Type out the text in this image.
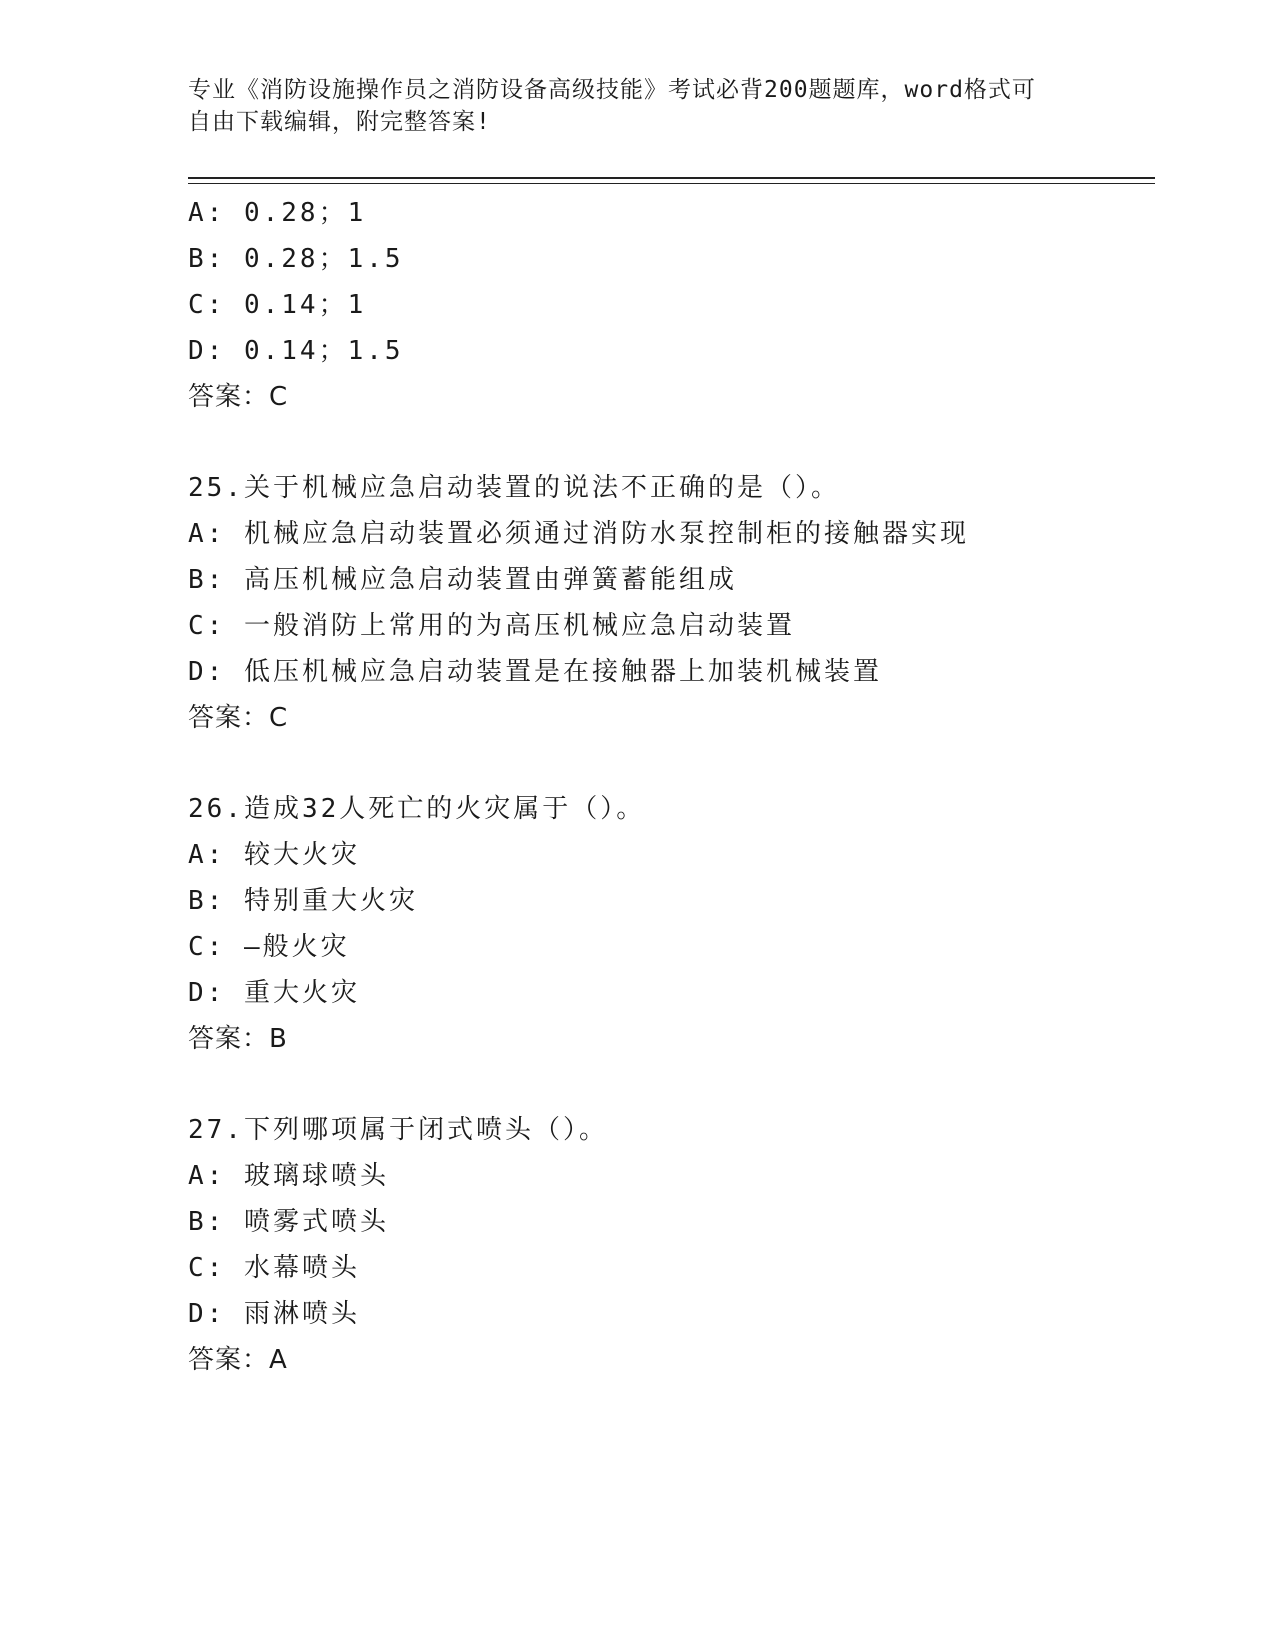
专业《消防设施操作员之消防设备高级技能》考试必背200题题库，word格式可
自由下载编辑，附完整答案!
A: 0.28；1
B: 0.28；1.5
C: 0.14；1
D: 0.14；1.5
答案：C
25.关于机械应急启动装置的说法不正确的是（）。
A: 机械应急启动装置必须通过消防水泵控制柜的接触器实现
B: 高压机械应急启动装置由弹簧蓄能组成
C: 一般消防上常用的为高压机械应急启动装置
D: 低压机械应急启动装置是在接触器上加装机械装置
答案：C
26.造成32人死亡的火灾属于（）。
A: 较大火灾
B: 特别重大火灾
C: —般火灾
D: 重大火灾
答案：B
27.下列哪项属于闭式喷头（）。
A: 玻璃球喷头
B: 喷雾式喷头
C: 水幕喷头
D: 雨淋喷头
答案：A
